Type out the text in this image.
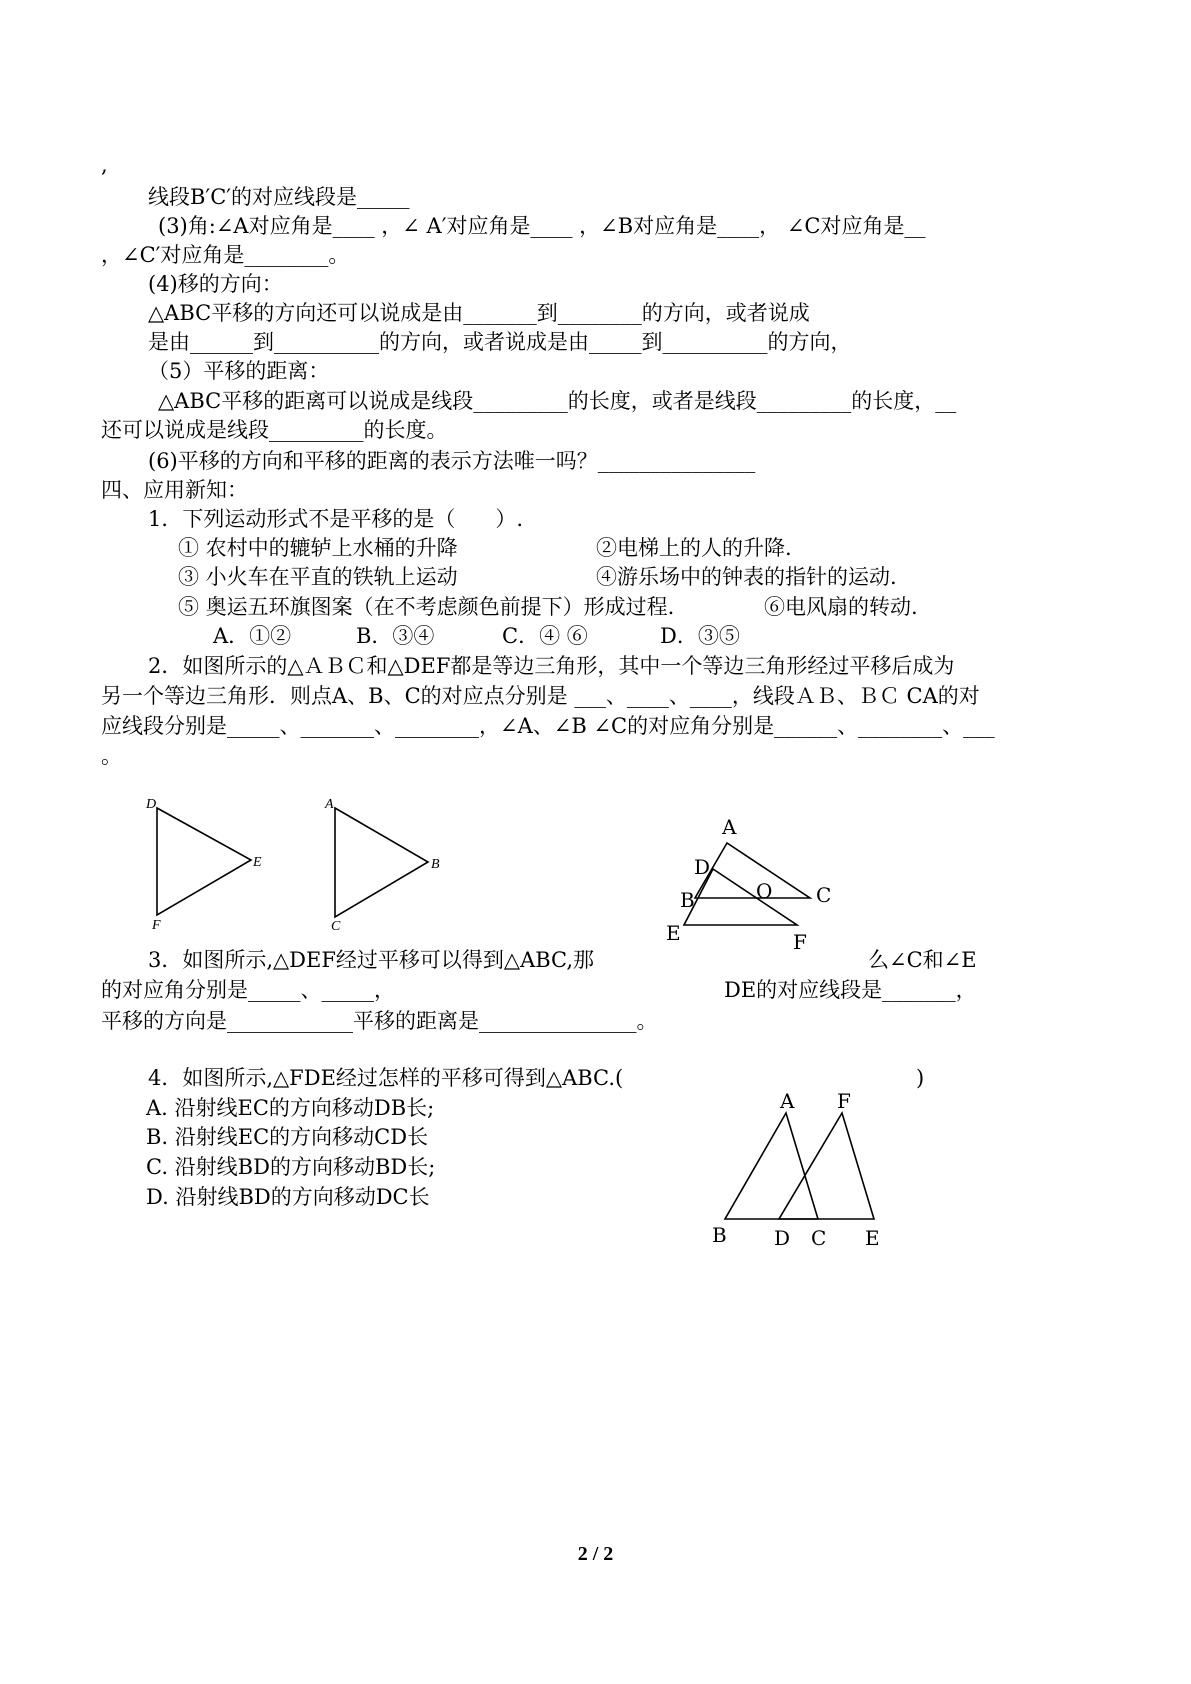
,
线段B′C′的对应线段是_____
(3)角:∠A对应角是____ ，∠ A′对应角是____ ，∠B对应角是____， ∠C对应角是__
，∠C′对应角是________。
(4)移的方向：
△ABC平移的方向还可以说成是由_______到________的方向，或者说成
是由______到__________的方向，或者说成是由_____到__________的方向，
（5）平移的距离：
△ABC平移的距离可以说成是线段_________的长度，或者是线段_________的长度，__
还可以说成是线段_________的长度。
(6)平移的方向和平移的距离的表示方法唯一吗？_______________
四、应用新知：
1．下列运动形式不是平移的是（      ）.
① 农村中的辘轳上水桶的升降	②电梯上的人的升降.
③ 小火车在平直的铁轨上运动	④游乐场中的钟表的指针的运动.
⑤ 奥运五环旗图案（在不考虑颜色前提下）形成过程.	⑥电风扇的转动.
A．①②	B．③④	C．④ ⑥	D．③⑤
2．如图所示的△ＡＢＣ和△DEF都是等边三角形，其中一个等边三角形经过平移后成为
另一个等边三角形．则点A、B、C的对应点分别是 ___、____、____，线段ＡＢ、ＢＣ CA的对
应线段分别是_____、_______、________，∠A、∠B ∠C的对应角分别是______、________、___
。
3．如图所示,△DEF经过平移可以得到△ABC,那	么∠C和∠E
的对应角分别是_____、_____，	DE的对应线段是_______，
平移的方向是____________平移的距离是_______________。
4．如图所示,△FDE经过怎样的平移可得到△ABC.(	)
A. 沿射线EC的方向移动DB长;
B. 沿射线EC的方向移动CD长
C. 沿射线BD的方向移动BD长;
D. 沿射线BD的方向移动DC长
D
E
F
A
B
C
A
D
O C
B
E	F
A F
B D C E
2 / 2
